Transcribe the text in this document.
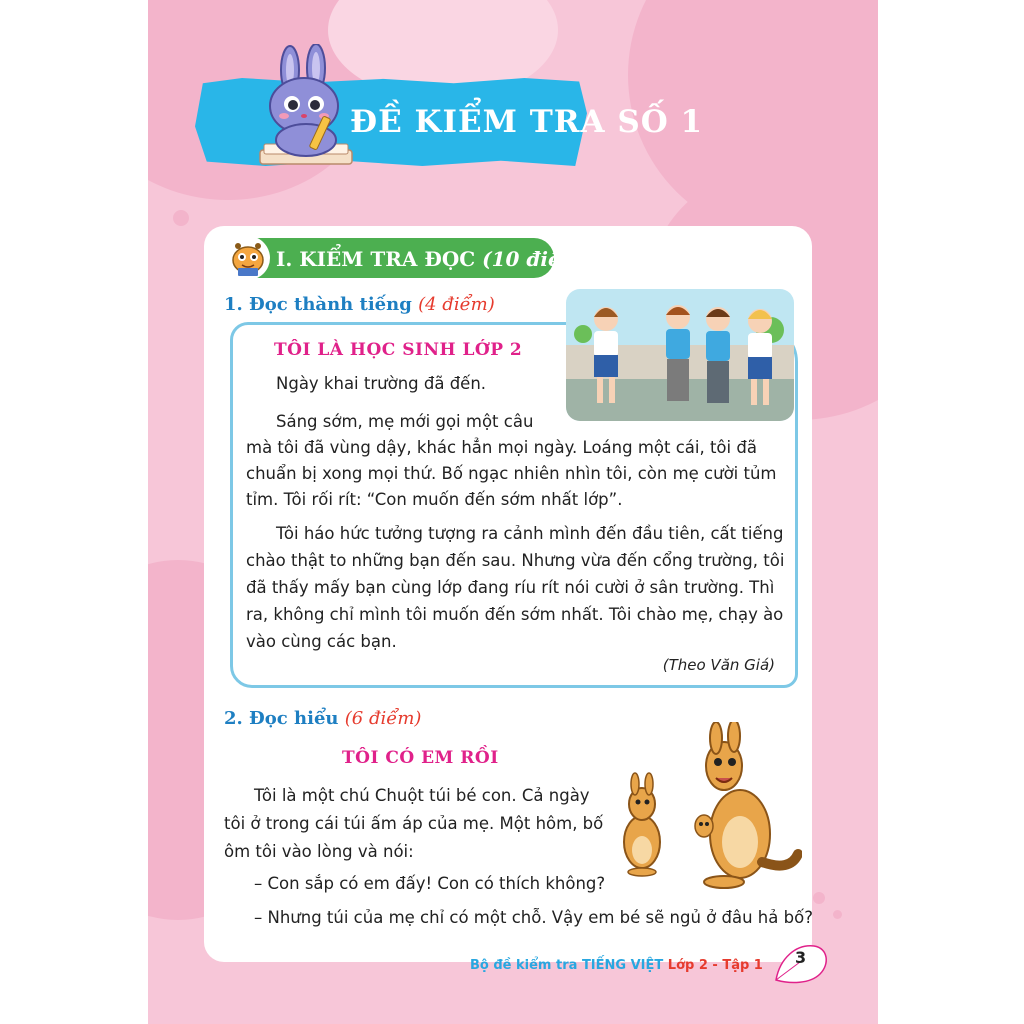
ĐỀ KIỂM TRA SỐ 1
I. KIỂM TRA ĐỌC (10 điểm)
1. Đọc thành tiếng (4 điểm)
TÔI LÀ HỌC SINH LỚP 2

Ngày khai trường đã đến.

Sáng sớm, mẹ mới gọi một câu

mà tôi đã vùng dậy, khác hẳn mọi ngày. Loáng một cái, tôi đã

chuẩn bị xong mọi thứ. Bố ngạc nhiên nhìn tôi, còn mẹ cười tủm

tỉm. Tôi rối rít: “Con muốn đến sớm nhất lớp”.

Tôi háo hức tưởng tượng ra cảnh mình đến đầu tiên, cất tiếng

chào thật to những bạn đến sau. Nhưng vừa đến cổng trường, tôi

đã thấy mấy bạn cùng lớp đang ríu rít nói cười ở sân trường. Thì

ra, không chỉ mình tôi muốn đến sớm nhất. Tôi chào mẹ, chạy ào

vào cùng các bạn.

(Theo Văn Giá)
2. Đọc hiểu (6 điểm)
TÔI CÓ EM RỒI

Tôi là một chú Chuột túi bé con. Cả ngày

tôi ở trong cái túi ấm áp của mẹ. Một hôm, bố

ôm tôi vào lòng và nói:

– Con sắp có em đấy! Con có thích không?

– Nhưng túi của mẹ chỉ có một chỗ. Vậy em bé sẽ ngủ ở đâu hả bố?

Bộ đề kiểm tra TIẾNG VIỆT Lớp 2 - Tập 1 3
